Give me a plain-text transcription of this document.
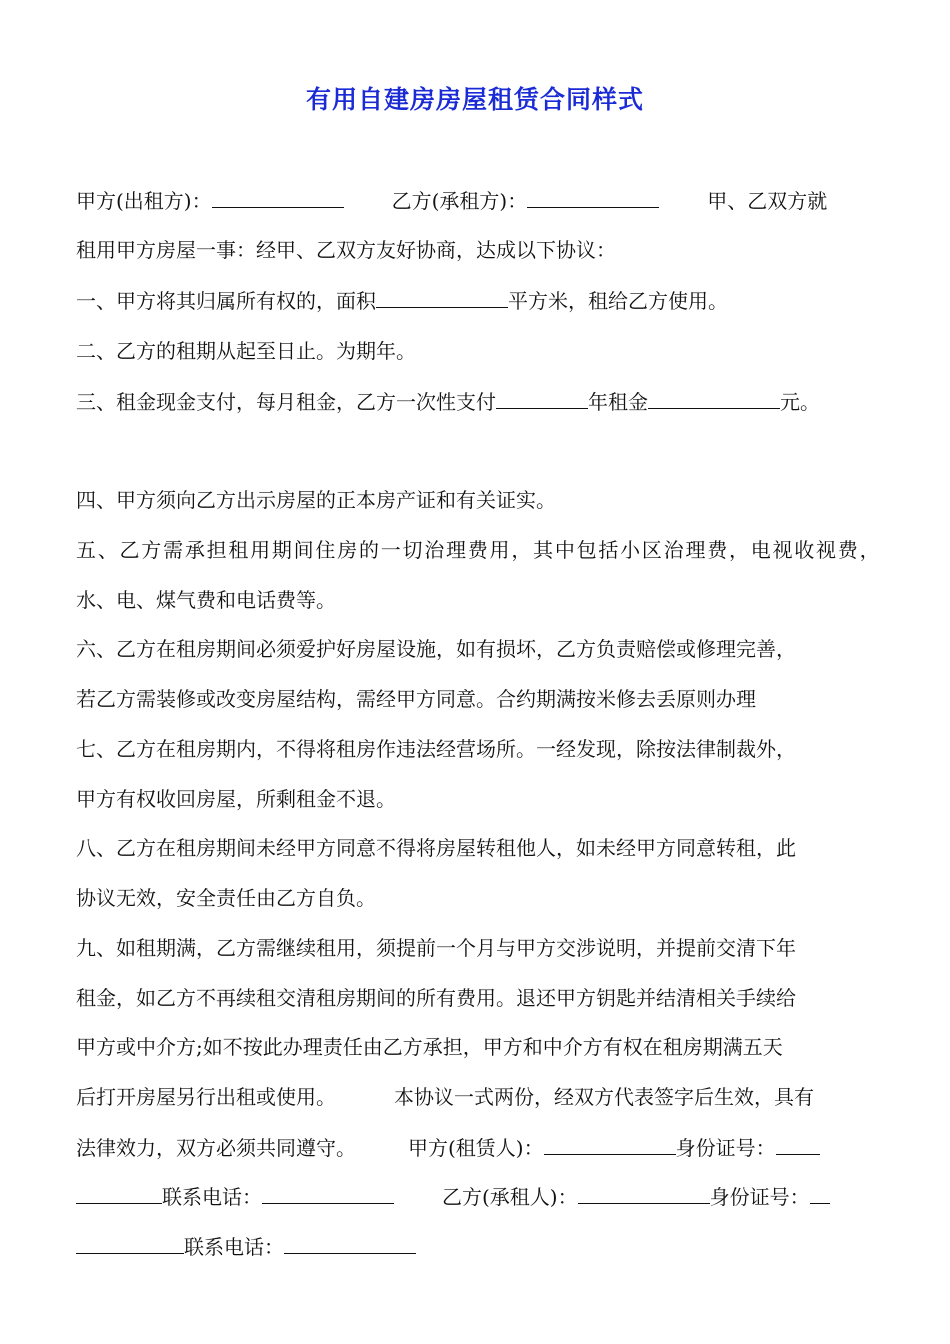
有用自建房房屋租赁合同样式
甲方(出租方)：	乙方(承租方)：	甲、乙双方就
租用甲方房屋一事：经甲、乙双方友好协商，达成以下协议：
一、甲方将其归属所有权的，面积	平方米，租给乙方使用。
二、乙方的租期从起至日止。为期年。
三、租金现金支付，每月租金，乙方一次性支付	年租金	元。
四、甲方须向乙方出示房屋的正本房产证和有关证实。
五 、 乙 方 需 承 担 租 用 期 间 住 房 的 一 切 治 理 费 用 ， 其 中 包 括 小 区 治 理 费 ， 电 视 收 视 费 ，
水、电、煤气费和电话费等。
六、乙方在租房期间必须爱护好房屋设施，如有损坏，乙方负责赔偿或修理完善，
若乙方需装修或改变房屋结构，需经甲方同意。合约期满按米修去丢原则办理
七、乙方在租房期内，不得将租房作违法经营场所。一经发现，除按法律制裁外，
甲方有权收回房屋，所剩租金不退。
八、乙方在租房期间未经甲方同意不得将房屋转租他人，如未经甲方同意转租，此
协议无效，安全责任由乙方自负。
九、如租期满，乙方需继续租用，须提前一个月与甲方交涉说明，并提前交清下年
租金，如乙方不再续租交清租房期间的所有费用。退还甲方钥匙并结清相关手续给
甲方或中介方;如不按此办理责任由乙方承担，甲方和中介方有权在租房期满五天
后打开房屋另行出租或使用。	本协议一式两份，经双方代表签字后生效，具有
法律效力，双方必须共同遵守。	甲方(租赁人)：	身份证号：
联系电话：	乙方(承租人)：	身份证号：
联系电话：
